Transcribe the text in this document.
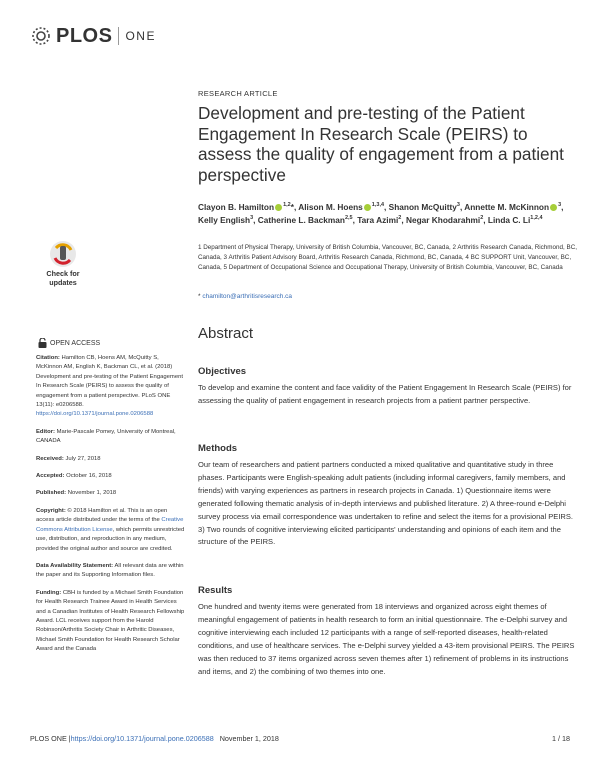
PLOS ONE
Check for
updates
OPEN ACCESS

Citation: Hamilton CB, Hoens AM, McQuitty S, McKinnon AM, English K, Backman CL, et al. (2018) Development and pre-testing of the Patient Engagement In Research Scale (PEIRS) to assess the quality of engagement from a patient perspective. PLoS ONE 13(11): e0206588. https://doi.org/10.1371/journal.pone.0206588

Editor: Marie-Pascale Pomey, University of Montreal, CANADA

Received: July 27, 2018

Accepted: October 16, 2018

Published: November 1, 2018

Copyright: © 2018 Hamilton et al. This is an open access article distributed under the terms of the Creative Commons Attribution License, which permits unrestricted use, distribution, and reproduction in any medium, provided the original author and source are credited.

Data Availability Statement: All relevant data are within the paper and its Supporting Information files.

Funding: CBH is funded by a Michael Smith Foundation for Health Research Trainee Award in Health Services and a Canadian Institutes of Health Research Fellowship Award. LCL receives support from the Harold Robinson/Arthritis Society Chair in Arthritic Diseases, Michael Smith Foundation for Health Research Scholar Award and the Canada

RESEARCH ARTICLE
Development and pre-testing of the Patient Engagement In Research Scale (PEIRS) to assess the quality of engagement from a patient perspective
Clayon B. Hamilton $^{1,2}$*, Alison M. Hoens $^{1,3,4}$, Shanon McQuitty$^3$, Annette M. McKinnon $^3$, Kelly English$^3$, Catherine L. Backman$^{2,5}$, Tara Azimi$^2$, Negar Khodarahmi$^2$, Linda C. Li$^{1,2,4}$
1 Department of Physical Therapy, University of British Columbia, Vancouver, BC, Canada, 2 Arthritis Research Canada, Richmond, BC, Canada, 3 Arthritis Patient Advisory Board, Arthritis Research Canada, Richmond, BC, Canada, 4 BC SUPPORT Unit, Vancouver, BC, Canada, 5 Department of Occupational Science and Occupational Therapy, University of British Columbia, Vancouver, BC, Canada
* chamilton@arthritisresearch.ca
Abstract
Objectives

To develop and examine the content and face validity of the Patient Engagement In Research Scale (PEIRS) for assessing the quality of patient engagement in research projects from a patient partner perspective.

Methods

Our team of researchers and patient partners conducted a mixed qualitative and quantitative study in three phases. Participants were English-speaking adult patients (including informal caregivers, family members, and friends) with varying experiences as partners in research projects in Canada. 1) Questionnaire items were generated following thematic analysis of in-depth interviews and published literature. 2) A three-round e-Delphi survey process via email correspondence was undertaken to refine and select the items for a provisional PEIRS. 3) Two rounds of cognitive interviewing elicited participants' understanding and opinions of each item and the structure of the PEIRS.

Results

One hundred and twenty items were generated from 18 interviews and organized across eight themes of meaningful engagement of patients in health research to form an initial questionnaire. The e-Delphi survey and cognitive interviewing each included 12 participants with a range of self-reported diseases, health-related conditions, and use of healthcare services. The e-Delphi survey yielded a 43-item provisional PEIRS. The PEIRS was then reduced to 37 items organized across seven themes after 1) refinement of problems in its instructions and items, and 2) the combining of two themes into one.

PLOS ONE | https://doi.org/10.1371/journal.pone.0206588 November 1, 2018	1 / 18
